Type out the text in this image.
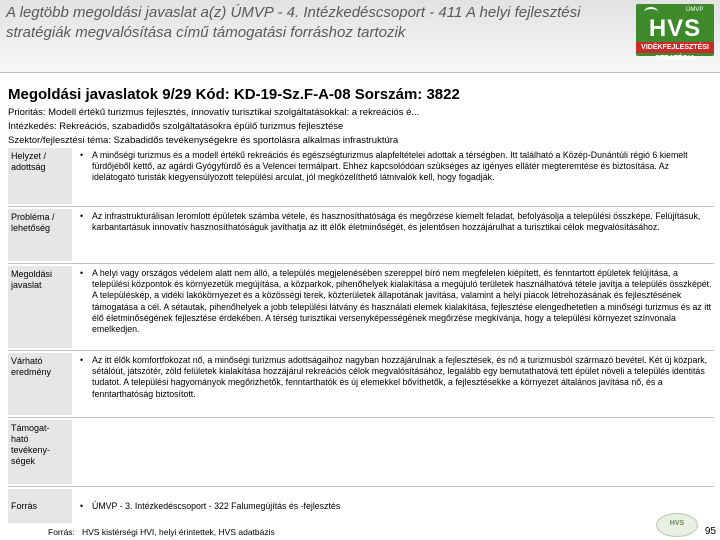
A legtöbb megoldási javaslat a(z) ÚMVP - 4. Intézkedéscsoport - 411 A helyi fejlesztési stratégiák megvalósítása című támogatási forráshoz tartozik
ÚMVP
HVS
VIDÉKFEJLESZTÉSI STRATÉGIA
Megoldási javaslatok 9/29 Kód: KD-19-Sz.F-A-08 Sorszám: 3822
Prioritás: Modell értékű turizmus fejlesztés, innovatív turisztikai szolgáltatásokkal: a rekreációs é...
Intézkedés: Rekreációs, szabadidős szolgáltatásokra épülő turizmus fejlesztése
Szektor/fejlesztési téma: Szabadidős tevékenységekre és sportolásra alkalmas infrastruktúra
Helyzet / adottság
•	A minőségi turizmus és a modell értékű rekreációs és egészségturizmus alapfeltételei adottak a térségben. Itt található a Közép-Dunántúli régió 6 kiemelt fürdőjéből kettő, az agárdi Gyógyfürdő és a Velencei termálpart. Ehhez kapcsolódóan szükséges az igényes ellátér megteremtése és biztosítása. Az idelátogató turisták kiegyensúlyozott települési arculat, jól megközelíthető látnivalók kell, hogy fogadják.
Probléma / lehetőség
•	Az infrastrukturálisan leromlott épületek számba vétele, és hasznosíthatósága és megőrzése kiemelt feladat, befolyásolja a települési összképe. Felújításuk, karbantartásuk innovatív hasznosíthatóságuk javíthatja az itt élők életminőségét, és jelentősen hozzájárulhat a turisztikai célok megvalósításához.
Megoldási javaslat
•	A helyi vagy országos védelem alatt nem álló, a település megjelenésében szereppel bíró nem megfelelen kiépített, és fenntartott épületek felújítása, a települési központok és környezetük megújítása, a közparkok, pihenőhelyek kialakítása a megújuló területek használhatóvá tétele javítja a település összképét. A településkép, a vidéki lakókörnyezet és a közösségi terek, közterületek állapotának javítása, valamint a helyi piacok létrehozásának és fejlesztésének támogatása a cél. A sétautak, pihenőhelyek a jobb települési látvány és használati elemek kialakítása, fejlesztése elengedhetetlen a minőségi turizmus és az itt élő életminőségének fejlesztése érdekében. A térség turisztikai versenyképességének megőrzése megkívánja, hogy a települési környezet színvonala emelkedjen.
Várható eredmény
•	Az itt élők komfortfokozat nő, a minőségi turizmus adottságaihoz nagyban hozzájárulnak a fejlesztések, és nő a turizmusból származó bevétel. Két új közpark, sétálóút, játszótér, zöld felületek kialakítása hozzájárul rekreációs célok megvalósításához, legalább egy bemutathatóvá tett épület növeli a település identitás tudatot. A települési hagyományok megőrizhetők, fenntarthatók és új elemekkel bővíthetők, a fejlesztésekke a környezet általános javítása nő, és a fenntarthatóság biztosított.
Támogat- ható tevékeny- ségek
Forrás	•	ÚMVP - 3. Intézkedéscsoport - 322 Falumegújítás és -fejlesztés
Forrás: HVS kistérségi HVI, helyi érintettek, HVS adatbázis
HVS
95
